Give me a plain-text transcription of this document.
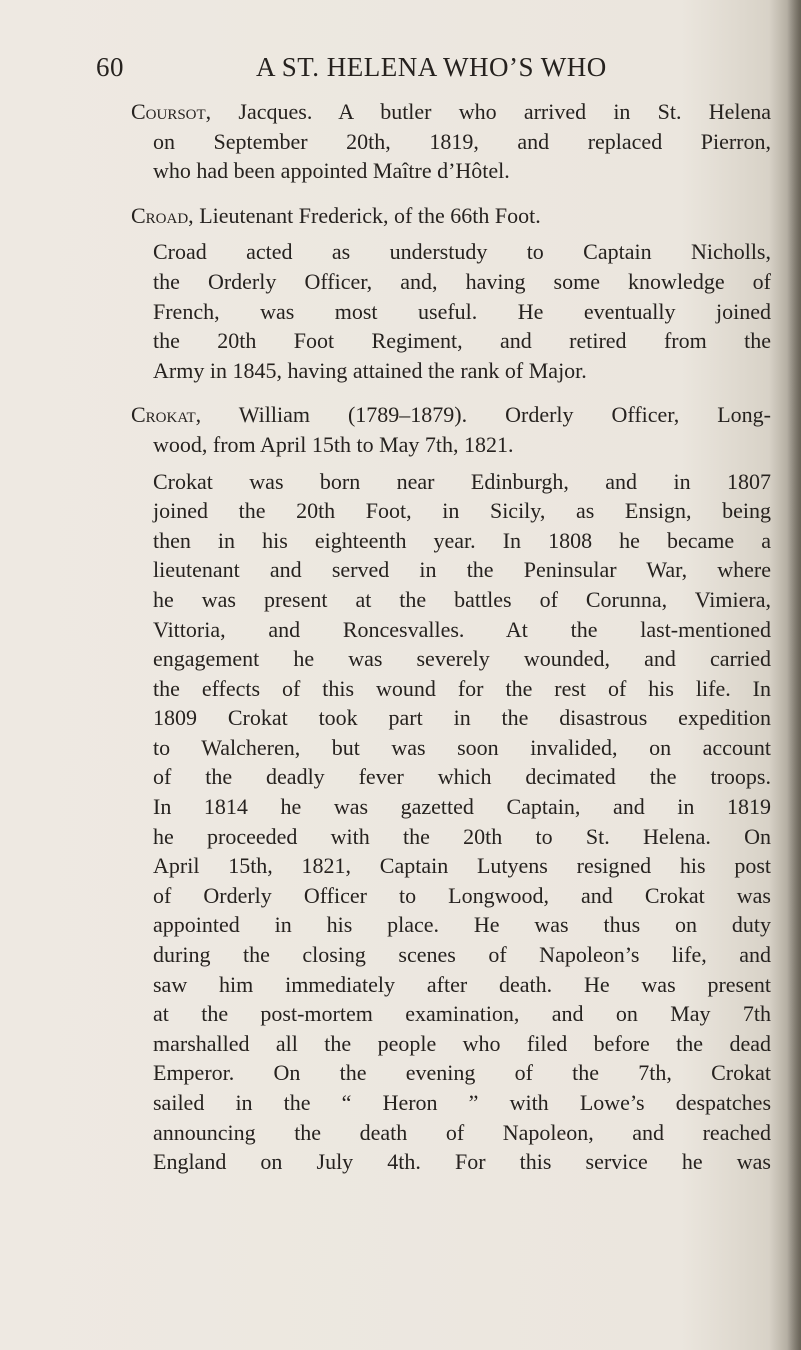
60	A ST. HELENA WHO’S WHO
Coursot, Jacques. A butler who arrived in St. Helena
on September 20th, 1819, and replaced Pierron,
who had been appointed Maître d’Hôtel.
Croad, Lieutenant Frederick, of the 66th Foot.
Croad acted as understudy to Captain Nicholls,
the Orderly Officer, and, having some knowledge of
French, was most useful. He eventually joined
the 20th Foot Regiment, and retired from the
Army in 1845, having attained the rank of Major.
Crokat, William (1789–1879). Orderly Officer, Long-
wood, from April 15th to May 7th, 1821.
Crokat was born near Edinburgh, and in 1807
joined the 20th Foot, in Sicily, as Ensign, being
then in his eighteenth year. In 1808 he became a
lieutenant and served in the Peninsular War, where
he was present at the battles of Corunna, Vimiera,
Vittoria, and Roncesvalles. At the last-mentioned
engagement he was severely wounded, and carried
the effects of this wound for the rest of his life. In
1809 Crokat took part in the disastrous expedition
to Walcheren, but was soon invalided, on account
of the deadly fever which decimated the troops.
In 1814 he was gazetted Captain, and in 1819
he proceeded with the 20th to St. Helena. On
April 15th, 1821, Captain Lutyens resigned his post
of Orderly Officer to Longwood, and Crokat was
appointed in his place. He was thus on duty
during the closing scenes of Napoleon’s life, and
saw him immediately after death. He was present
at the post-mortem examination, and on May 7th
marshalled all the people who filed before the dead
Emperor. On the evening of the 7th, Crokat
sailed in the “ Heron ” with Lowe’s despatches
announcing the death of Napoleon, and reached
England on July 4th. For this service he was
